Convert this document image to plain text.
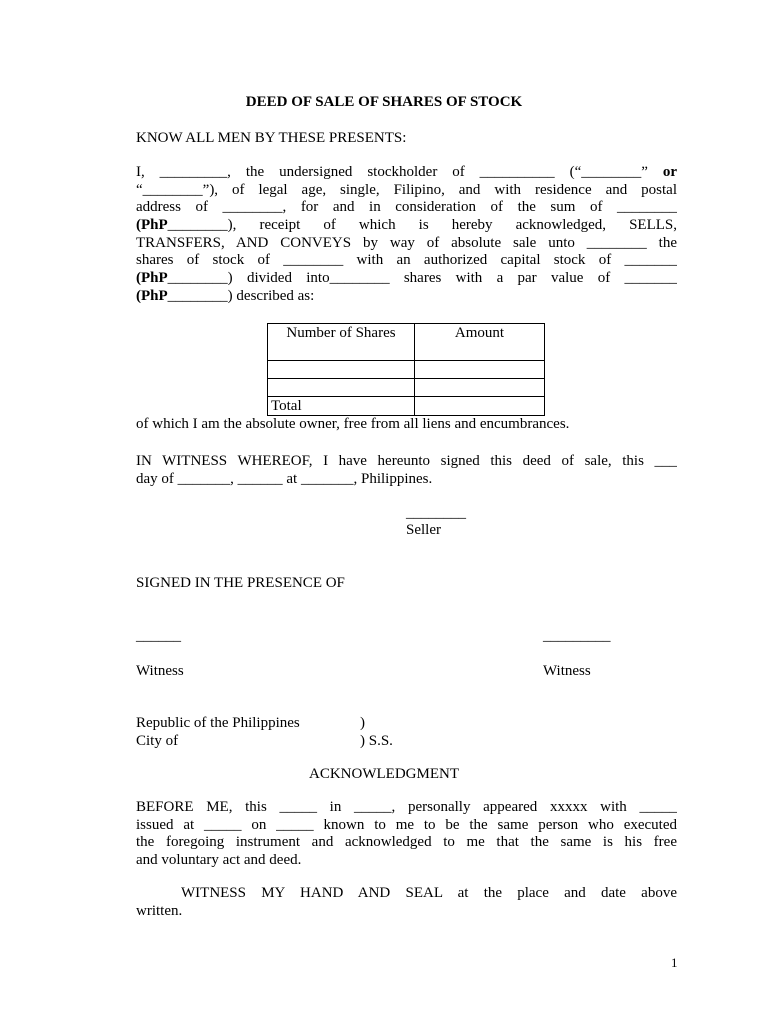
DEED OF SALE OF SHARES OF STOCK
KNOW ALL MEN BY THESE PRESENTS:
I, _________, the undersigned stockholder of __________ (“________” or
“________”), of legal age, single, Filipino, and with residence and postal
address of ________, for and in consideration of the sum of ________
(PhP________), receipt of which is hereby acknowledged, SELLS,
TRANSFERS, AND CONVEYS by way of absolute sale unto ________ the
shares of stock of ________ with an authorized capital stock of _______
(PhP________) divided into________ shares with a par value of _______
(PhP________) described as:
Number of Shares	Amount

Total	
of which I am the absolute owner, free from all liens and encumbrances.
IN WITNESS WHEREOF, I have hereunto signed this deed of sale, this ___
day of _______, ______ at _______, Philippines.
________
Seller
SIGNED IN THE PRESENCE OF
______	_________
Witness	Witness
Republic of the Philippines	)
City of	) S.S.
ACKNOWLEDGMENT
BEFORE ME, this _____ in _____, personally appeared xxxxx with _____
issued at _____ on _____ known to me to be the same person who executed
the foregoing instrument and acknowledged to me that the same is his free
and voluntary act and deed.
WITNESS MY HAND AND SEAL at the place and date above
written.
1
